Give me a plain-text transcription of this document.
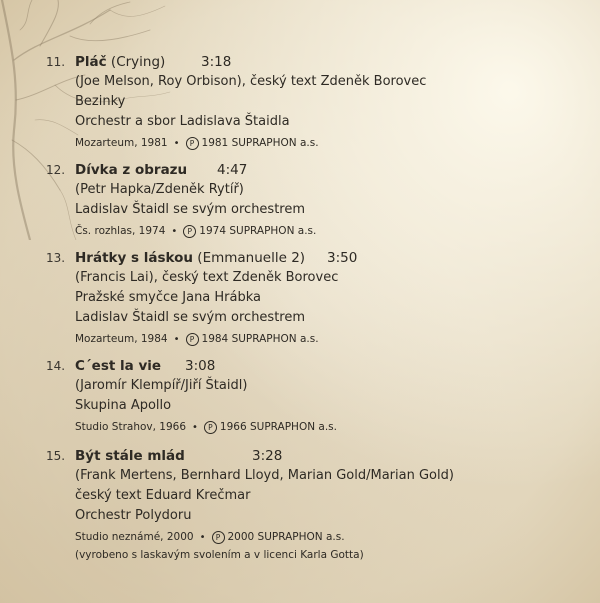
11. Pláč (Crying)	3:18
(Joe Melson, Roy Orbison), český text Zdeněk Borovec
Bezinky
Orchestr a sbor Ladislava Štaidla
Mozarteum, 1981 • P 1981 SUPRAPHON a.s.
12. Dívka z obrazu 4:47
(Petr Hapka/Zdeněk Rytíř)
Ladislav Štaidl se svým orchestrem
Čs. rozhlas, 1974 • P 1974 SUPRAPHON a.s.
13. Hrátky s láskou (Emmanuelle 2) 3:50
(Francis Lai), český text Zdeněk Borovec
Pražské smyčce Jana Hrábka
Ladislav Štaidl se svým orchestrem
Mozarteum, 1984 • P 1984 SUPRAPHON a.s.
14. C´est la vie 3:08
(Jaromír Klempíř/Jiří Štaidl)
Skupina Apollo
Studio Strahov, 1966 • P 1966 SUPRAPHON a.s.
15. Být stále mlád	3:28
(Frank Mertens, Bernhard Lloyd, Marian Gold/Marian Gold)
český text Eduard Krečmar
Orchestr Polydoru
Studio neznámé, 2000 • P 2000 SUPRAPHON a.s.
(vyrobeno s laskavým svolením a v licenci Karla Gotta)
